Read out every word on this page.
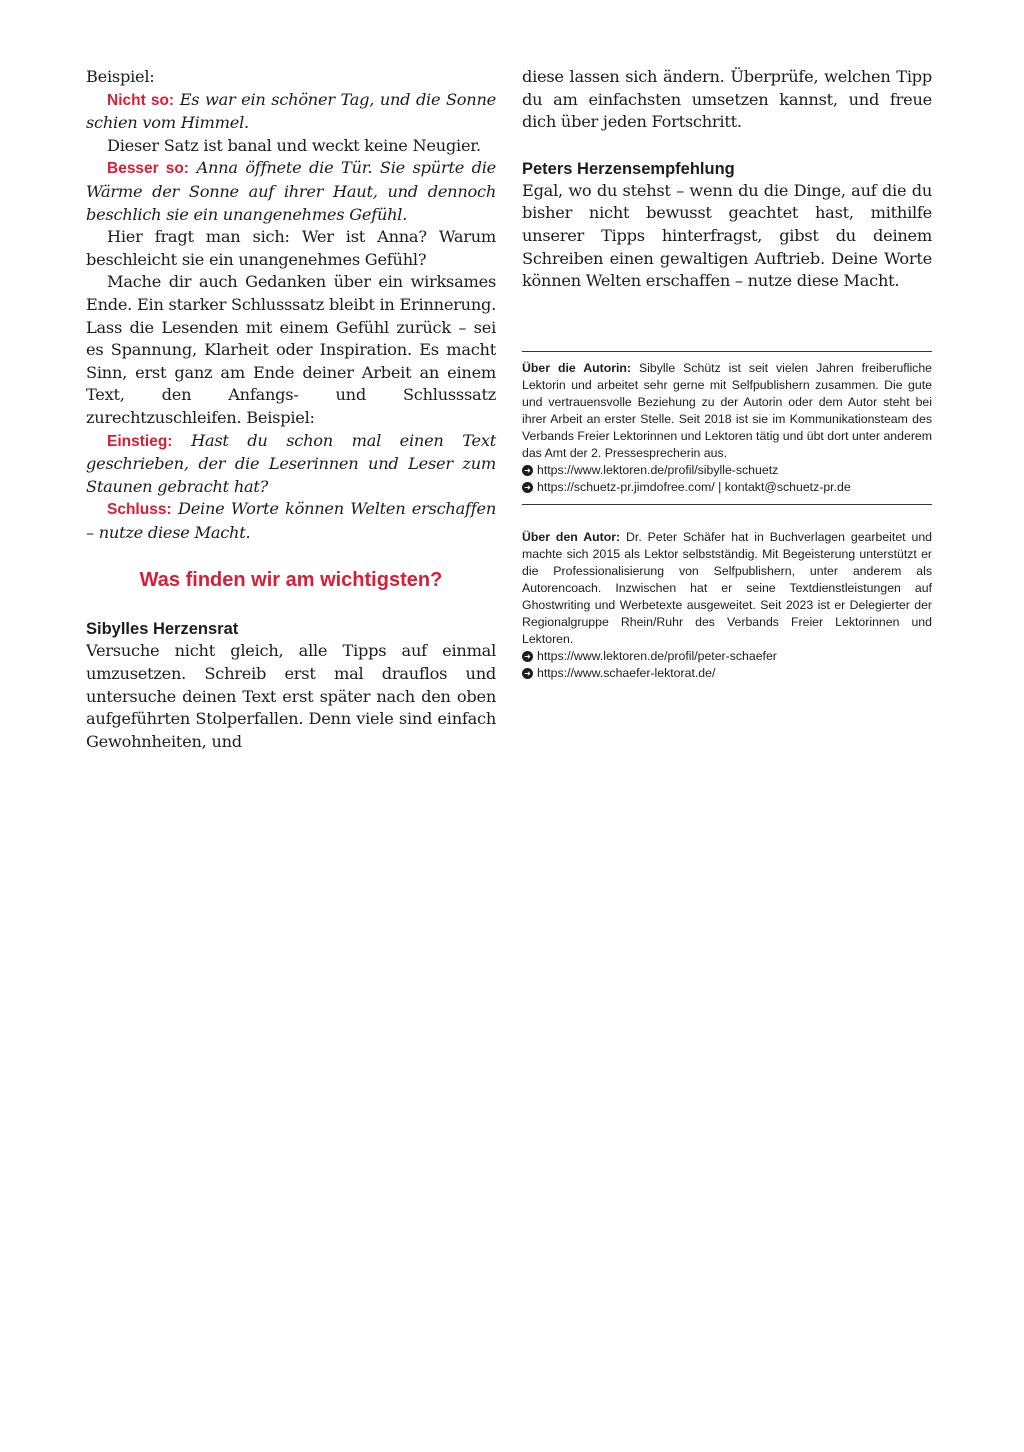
Beispiel:

Nicht so: Es war ein schöner Tag, und die Sonne schien vom Himmel.

Dieser Satz ist banal und weckt keine Neugier.

Besser so: Anna öffnete die Tür. Sie spürte die Wärme der Sonne auf ihrer Haut, und dennoch beschlich sie ein unangenehmes Gefühl.

Hier fragt man sich: Wer ist Anna? Warum beschleicht sie ein unangenehmes Gefühl?

Mache dir auch Gedanken über ein wirksames Ende. Ein starker Schlusssatz bleibt in Erinnerung. Lass die Lesenden mit einem Gefühl zurück – sei es Spannung, Klarheit oder Inspiration. Es macht Sinn, erst ganz am Ende deiner Arbeit an einem Text, den Anfangs- und Schlusssatz zurechtzuschleifen. Beispiel:

Einstieg: Hast du schon mal einen Text geschrieben, der die Leserinnen und Leser zum Staunen gebracht hat?

Schluss: Deine Worte können Welten erschaffen – nutze diese Macht.

Was finden wir am wichtigsten?
Sibylles Herzensrat

Versuche nicht gleich, alle Tipps auf einmal umzusetzen. Schreib erst mal drauflos und untersuche deinen Text erst später nach den oben aufgeführten Stolperfallen. Denn viele sind einfach Gewohnheiten, und

diese lassen sich ändern. Überprüfe, welchen Tipp du am einfachsten umsetzen kannst, und freue dich über jeden Fortschritt.

Peters Herzensempfehlung

Egal, wo du stehst – wenn du die Dinge, auf die du bisher nicht bewusst geachtet hast, mithilfe unserer Tipps hinterfragst, gibst du deinem Schreiben einen gewaltigen Auftrieb. Deine Worte können Welten erschaffen – nutze diese Macht.

Über die Autorin: Sibylle Schütz ist seit vielen Jahren freiberufliche Lektorin und arbeitet sehr gerne mit Selfpublishern zusammen. Die gute und vertrauensvolle Beziehung zu der Autorin oder dem Autor steht bei ihrer Arbeit an erster Stelle. Seit 2018 ist sie im Kommunikationsteam des Verbands Freier Lektorinnen und Lektoren tätig und übt dort unter anderem das Amt der 2. Pressesprecherin aus.

➜ https://www.lektoren.de/profil/sibylle-schuetz
➜ https://schuetz-pr.jimdofree.com/ | kontakt@schuetz-pr.de

Über den Autor: Dr. Peter Schäfer hat in Buchverlagen gearbeitet und machte sich 2015 als Lektor selbstständig. Mit Begeisterung unterstützt er die Professionalisierung von Selfpublishern, unter anderem als Autorencoach. Inzwischen hat er seine Textdienstleistungen auf Ghostwriting und Werbetexte ausgeweitet. Seit 2023 ist er Delegierter der Regionalgruppe Rhein/Ruhr des Verbands Freier Lektorinnen und Lektoren.

➜ https://www.lektoren.de/profil/peter-schaefer
➜ https://www.schaefer-lektorat.de/
